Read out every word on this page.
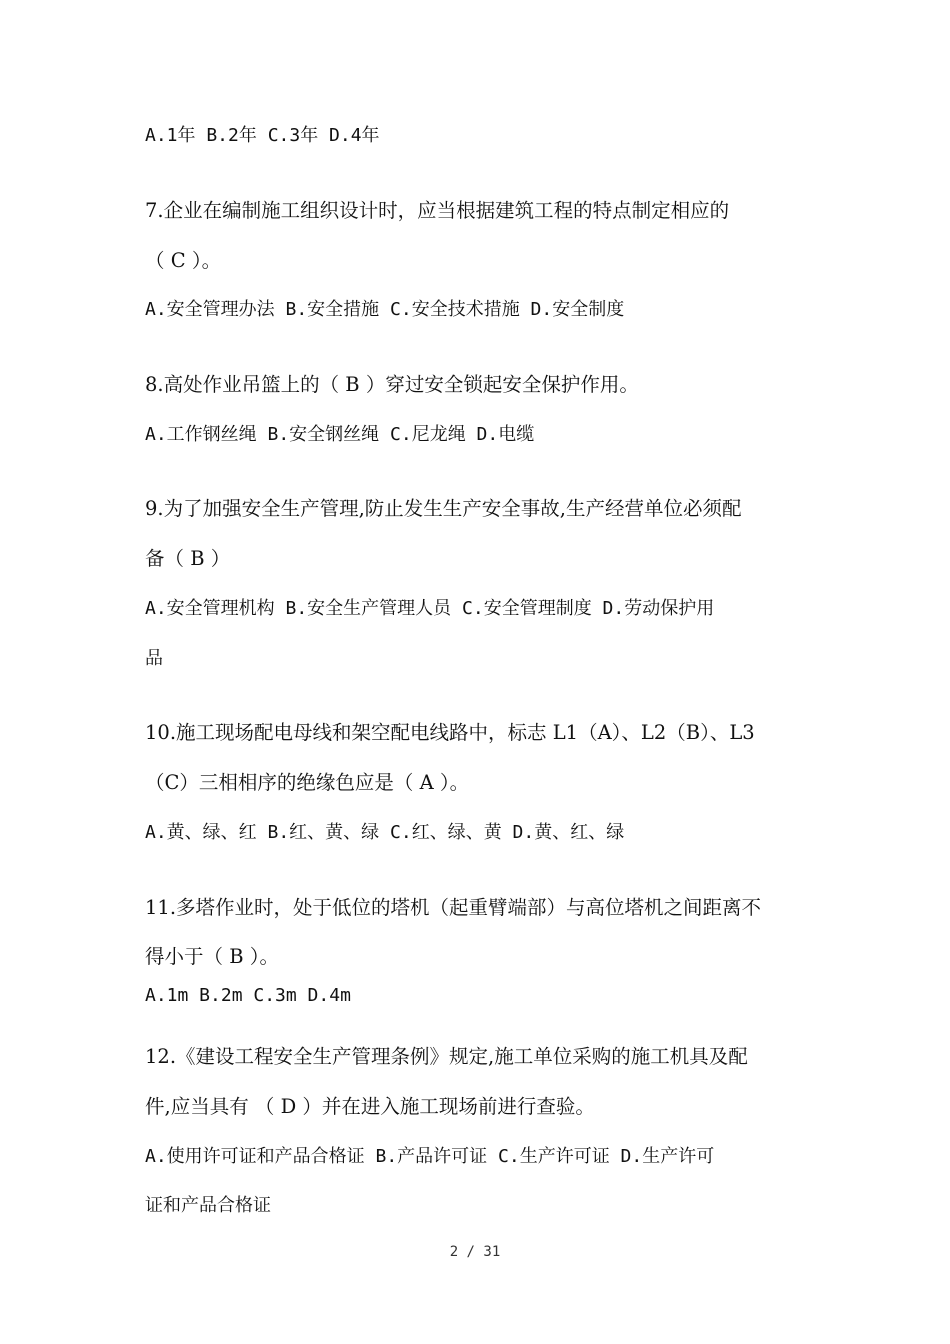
A.1年 B.2年 C.3年 D.4年
7.企业在编制施工组织设计时，应当根据建筑工程的特点制定相应的
（ C ）。
A.安全管理办法 B.安全措施 C.安全技术措施 D.安全制度
8.高处作业吊篮上的（ B ）穿过安全锁起安全保护作用。
A.工作钢丝绳 B.安全钢丝绳 C.尼龙绳 D.电缆
9.为了加强安全生产管理,防止发生生产安全事故,生产经营单位必须配
备（ B ）
A.安全管理机构 B.安全生产管理人员 C.安全管理制度 D.劳动保护用
品
10.施工现场配电母线和架空配电线路中，标志 L1（A）、L2（B）、L3
（C）三相相序的绝缘色应是（ A ）。
A.黄、绿、红 B.红、黄、绿 C.红、绿、黄 D.黄、红、绿
11.多塔作业时，处于低位的塔机（起重臂端部）与高位塔机之间距离不
得小于（ B ）。
A.1m B.2m C.3m D.4m
12.《建设工程安全生产管理条例》规定,施工单位采购的施工机具及配
件,应当具有 （ D ）并在进入施工现场前进行查验。
A.使用许可证和产品合格证 B.产品许可证 C.生产许可证 D.生产许可
证和产品合格证
2 / 31
